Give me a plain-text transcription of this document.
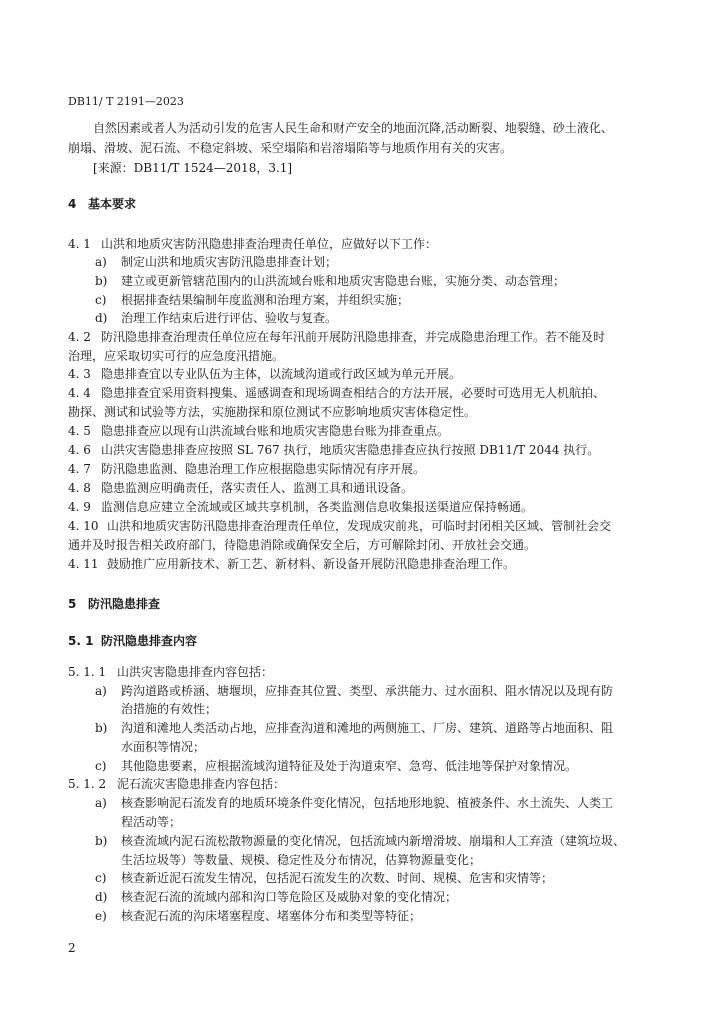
DB11/ T 2191—2023
自然因素或者人为活动引发的危害人民生命和财产安全的地面沉降,活动断裂、地裂缝、砂土液化、
崩塌、滑坡、泥石流、不稳定斜坡、采空塌陷和岩溶塌陷等与地质作用有关的灾害。
[来源：DB11/T 1524—2018，3.1]
4 基本要求
4. 1 山洪和地质灾害防汛隐患排查治理责任单位，应做好以下工作：
a) 制定山洪和地质灾害防汛隐患排查计划；
b) 建立或更新管辖范围内的山洪流域台账和地质灾害隐患台账，实施分类、动态管理；
c) 根据排查结果编制年度监测和治理方案，并组织实施；
d) 治理工作结束后进行评估、验收与复查。
4. 2 防汛隐患排查治理责任单位应在每年汛前开展防汛隐患排查，并完成隐患治理工作。若不能及时
治理，应采取切实可行的应急度汛措施。
4. 3 隐患排查宜以专业队伍为主体，以流域沟道或行政区域为单元开展。
4. 4 隐患排查宜采用资料搜集、遥感调查和现场调查相结合的方法开展，必要时可选用无人机航拍、
勘探、测试和试验等方法，实施勘探和原位测试不应影响地质灾害体稳定性。
4. 5 隐患排查应以现有山洪流域台账和地质灾害隐患台账为排查重点。
4. 6 山洪灾害隐患排查应按照 SL 767 执行，地质灾害隐患排查应执行按照 DB11/T 2044 执行。
4. 7 防汛隐患监测、隐患治理工作应根据隐患实际情况有序开展。
4. 8 隐患监测应明确责任，落实责任人、监测工具和通讯设备。
4. 9 监测信息应建立全流域或区域共享机制，各类监测信息收集报送渠道应保持畅通。
4. 10 山洪和地质灾害防汛隐患排查治理责任单位，发现成灾前兆，可临时封闭相关区域、管制社会交
通并及时报告相关政府部门，待隐患消除或确保安全后，方可解除封闭、开放社会交通。
4. 11 鼓励推广应用新技术、新工艺、新材料、新设备开展防汛隐患排查治理工作。
5 防汛隐患排查
5. 1 防汛隐患排查内容
5. 1. 1 山洪灾害隐患排查内容包括：
a) 跨沟道路或桥涵、塘堰坝，应排查其位置、类型、承洪能力、过水面积、阻水情况以及现有防
治措施的有效性；
b) 沟道和滩地人类活动占地，应排查沟道和滩地的两侧施工、厂房、建筑、道路等占地面积、阻
水面积等情况；
c) 其他隐患要素，应根据流域沟道特征及处于沟道束窄、急弯、低洼地等保护对象情况。
5. 1. 2 泥石流灾害隐患排查内容包括：
a) 核查影响泥石流发育的地质环境条件变化情况，包括地形地貌、植被条件、水土流失、人类工
程活动等；
b) 核查流域内泥石流松散物源量的变化情况，包括流域内新增滑坡、崩塌和人工弃渣（建筑垃圾、
生活垃圾等）等数量、规模、稳定性及分布情况，估算物源量变化；
c) 核查新近泥石流发生情况，包括泥石流发生的次数、时间、规模、危害和灾情等；
d) 核查泥石流的流域内部和沟口等危险区及威胁对象的变化情况；
e) 核查泥石流的沟床堵塞程度、堵塞体分布和类型等特征；
2
